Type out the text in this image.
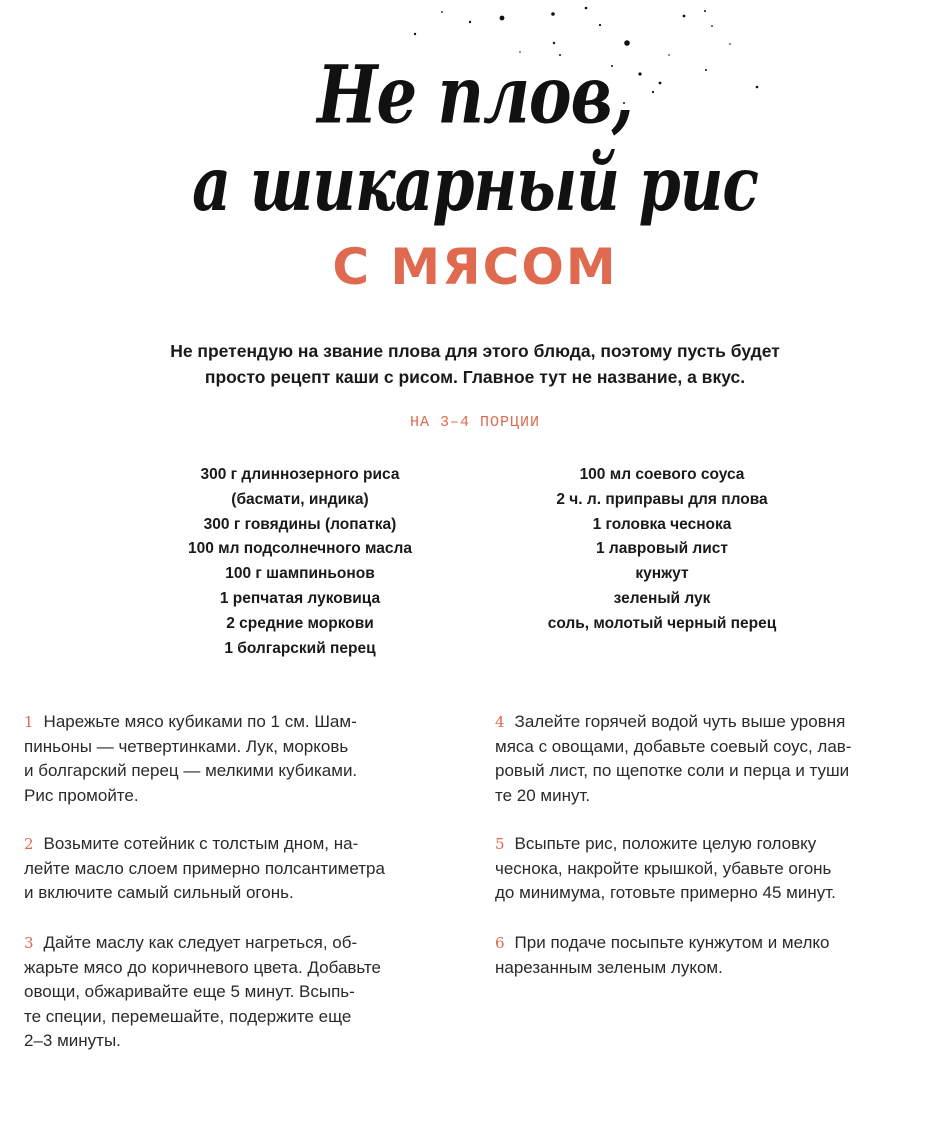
Не плов,
а шикарный рис
С МЯСОМ
Не претендую на звание плова для этого блюда, поэтому пусть будет
просто рецепт каши с рисом. Главное тут не название, а вкус.
НА 3–4 ПОРЦИИ
300 г длиннозерного риса
(басмати, индика)
300 г говядины (лопатка)
100 мл подсолнечного масла
100 г шампиньонов
1 репчатая луковица
2 средние моркови
1 болгарский перец
100 мл соевого соуса
2 ч. л. приправы для плова
1 головка чеснока
1 лавровый лист
кунжут
зеленый лук
соль, молотый черный перец
1 Нарежьте мясо кубиками по 1 см. Шам-
пиньоны — четвертинками. Лук, морковь
и болгарский перец — мелкими кубиками.
Рис промойте.
2 Возьмите сотейник с толстым дном, на-
лейте масло слоем примерно полсантиметра
и включите самый сильный огонь.
3 Дайте маслу как следует нагреться, об-
жарьте мясо до коричневого цвета. Добавьте
овощи, обжаривайте еще 5 минут. Всыпь-
те специи, перемешайте, подержите еще
2–3 минуты.
4 Залейте горячей водой чуть выше уровня
мяса с овощами, добавьте соевый соус, лав-
ровый лист, по щепотке соли и перца и туши
те 20 минут.
5 Всыпьте рис, положите целую головку
чеснока, накройте крышкой, убавьте огонь
до минимума, готовьте примерно 45 минут.
6 При подаче посыпьте кунжутом и мелко
нарезанным зеленым луком.
